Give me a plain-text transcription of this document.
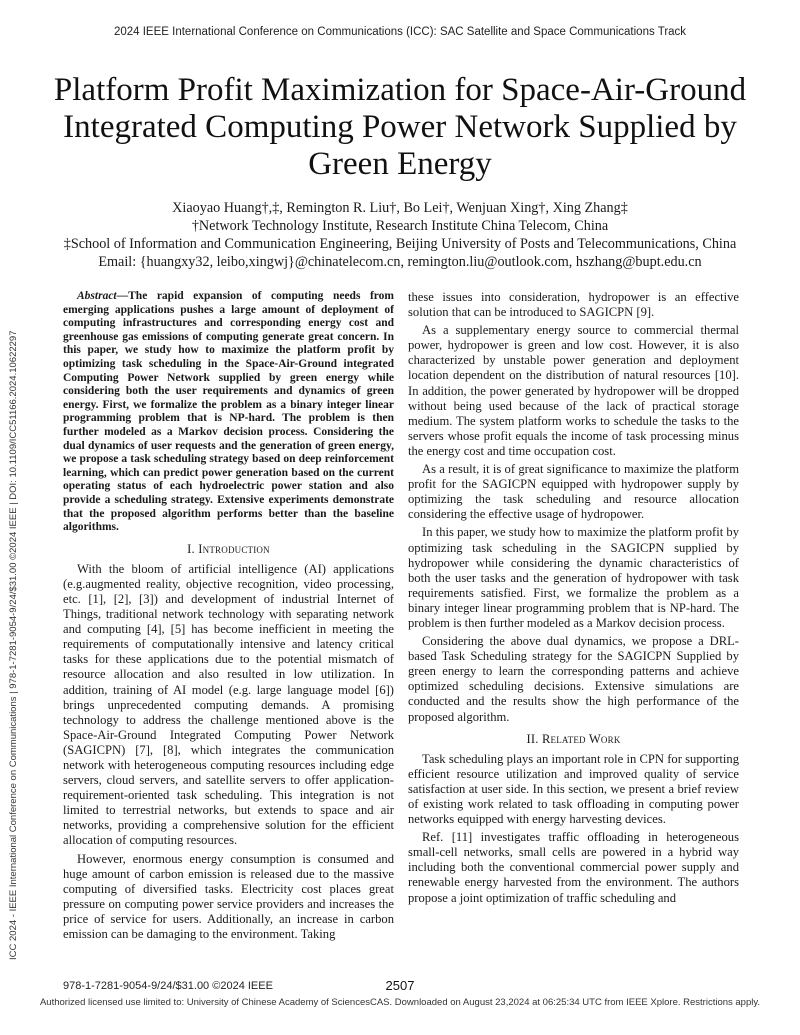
2024 IEEE International Conference on Communications (ICC): SAC Satellite and Space Communications Track
ICC 2024 - IEEE International Conference on Communications | 978-1-7281-9054-9/24/$31.00 ©2024 IEEE | DOI: 10.1109/ICC51166.2024.10622297
Platform Profit Maximization for Space-Air-Ground Integrated Computing Power Network Supplied by Green Energy
Xiaoyao Huang†,‡, Remington R. Liu†, Bo Lei†, Wenjuan Xing†, Xing Zhang‡
†Network Technology Institute, Research Institute China Telecom, China
‡School of Information and Communication Engineering, Beijing University of Posts and Telecommunications, China
Email: {huangxy32, leibo,xingwj}@chinatelecom.cn, remington.liu@outlook.com, hszhang@bupt.edu.cn

Abstract—The rapid expansion of computing needs from emerging applications pushes a large amount of deployment of computing infrastructures and corresponding energy cost and greenhouse gas emissions of computing generate great concern. In this paper, we study how to maximize the platform profit by optimizing task scheduling in the Space-Air-Ground integrated Computing Power Network supplied by green energy while considering both the user requirements and dynamics of green energy. First, we formalize the problem as a binary integer linear programming problem that is NP-hard. The problem is then further modeled as a Markov decision process. Considering the dual dynamics of user requests and the generation of green energy, we propose a task scheduling strategy based on deep reinforcement learning, which can predict power generation based on the current operating status of each hydroelectric power station and also provide a scheduling strategy. Extensive experiments demonstrate that the proposed algorithm performs better than the baseline algorithms.

I. Introduction

With the bloom of artificial intelligence (AI) applications (e.g.augmented reality, objective recognition, video processing, etc. [1], [2], [3]) and development of industrial Internet of Things, traditional network technology with separating network and computing [4], [5] has become inefficient in meeting the requirements of computationally intensive and latency critical tasks for these applications due to the potential mismatch of resource allocation and also resulted in low utilization. In addition, training of AI model (e.g. large language model [6]) brings unprecedented computing demands. A promising technology to address the challenge mentioned above is the Space-Air-Ground Integrated Computing Power Network (SAGICPN) [7], [8], which integrates the communication network with heterogeneous computing resources including edge servers, cloud servers, and satellite servers to offer application-requirement-oriented task scheduling. This integration is not limited to terrestrial networks, but extends to space and air networks, providing a comprehensive solution for the efficient allocation of computing resources.

However, enormous energy consumption is consumed and huge amount of carbon emission is released due to the massive computing of diversified tasks. Electricity cost places great pressure on computing power service providers and increases the price of service for users. Additionally, an increase in carbon emission can be damaging to the environment. Taking

these issues into consideration, hydropower is an effective solution that can be introduced to SAGICPN [9].

As a supplementary energy source to commercial thermal power, hydropower is green and low cost. However, it is also characterized by unstable power generation and deployment location dependent on the distribution of natural resources [10]. In addition, the power generated by hydropower will be dropped without being used because of the lack of practical storage medium. The system platform works to schedule the tasks to the servers whose profit equals the income of task processing minus the energy cost and time occupation cost.

As a result, it is of great significance to maximize the platform profit for the SAGICPN equipped with hydropower supply by optimizing the task scheduling and resource allocation considering the effective usage of hydropower.

In this paper, we study how to maximize the platform profit by optimizing task scheduling in the SAGICPN supplied by hydropower while considering the dynamic characteristics of both the user tasks and the generation of hydropower with task requirements satisfied. First, we formalize the problem as a binary integer linear programming problem that is NP-hard. The problem is then further modeled as a Markov decision process.

Considering the above dual dynamics, we propose a DRL-based Task Scheduling strategy for the SAGICPN Supplied by green energy to learn the corresponding patterns and achieve optimized scheduling decisions. Extensive simulations are conducted and the results show the high performance of the proposed algorithm.

II. Related Work

Task scheduling plays an important role in CPN for supporting efficient resource utilization and improved quality of service satisfaction at user side. In this section, we present a brief review of existing work related to task offloading in computing power networks equipped with energy harvesting devices.

Ref. [11] investigates traffic offloading in heterogeneous small-cell networks, small cells are powered in a hybrid way including both the conventional commercial power supply and renewable energy harvested from the environment. The authors propose a joint optimization of traffic scheduling and

978-1-7281-9054-9/24/$31.00 ©2024 IEEE	2507
Authorized licensed use limited to: University of Chinese Academy of SciencesCAS. Downloaded on August 23,2024 at 06:25:34 UTC from IEEE Xplore. Restrictions apply.
